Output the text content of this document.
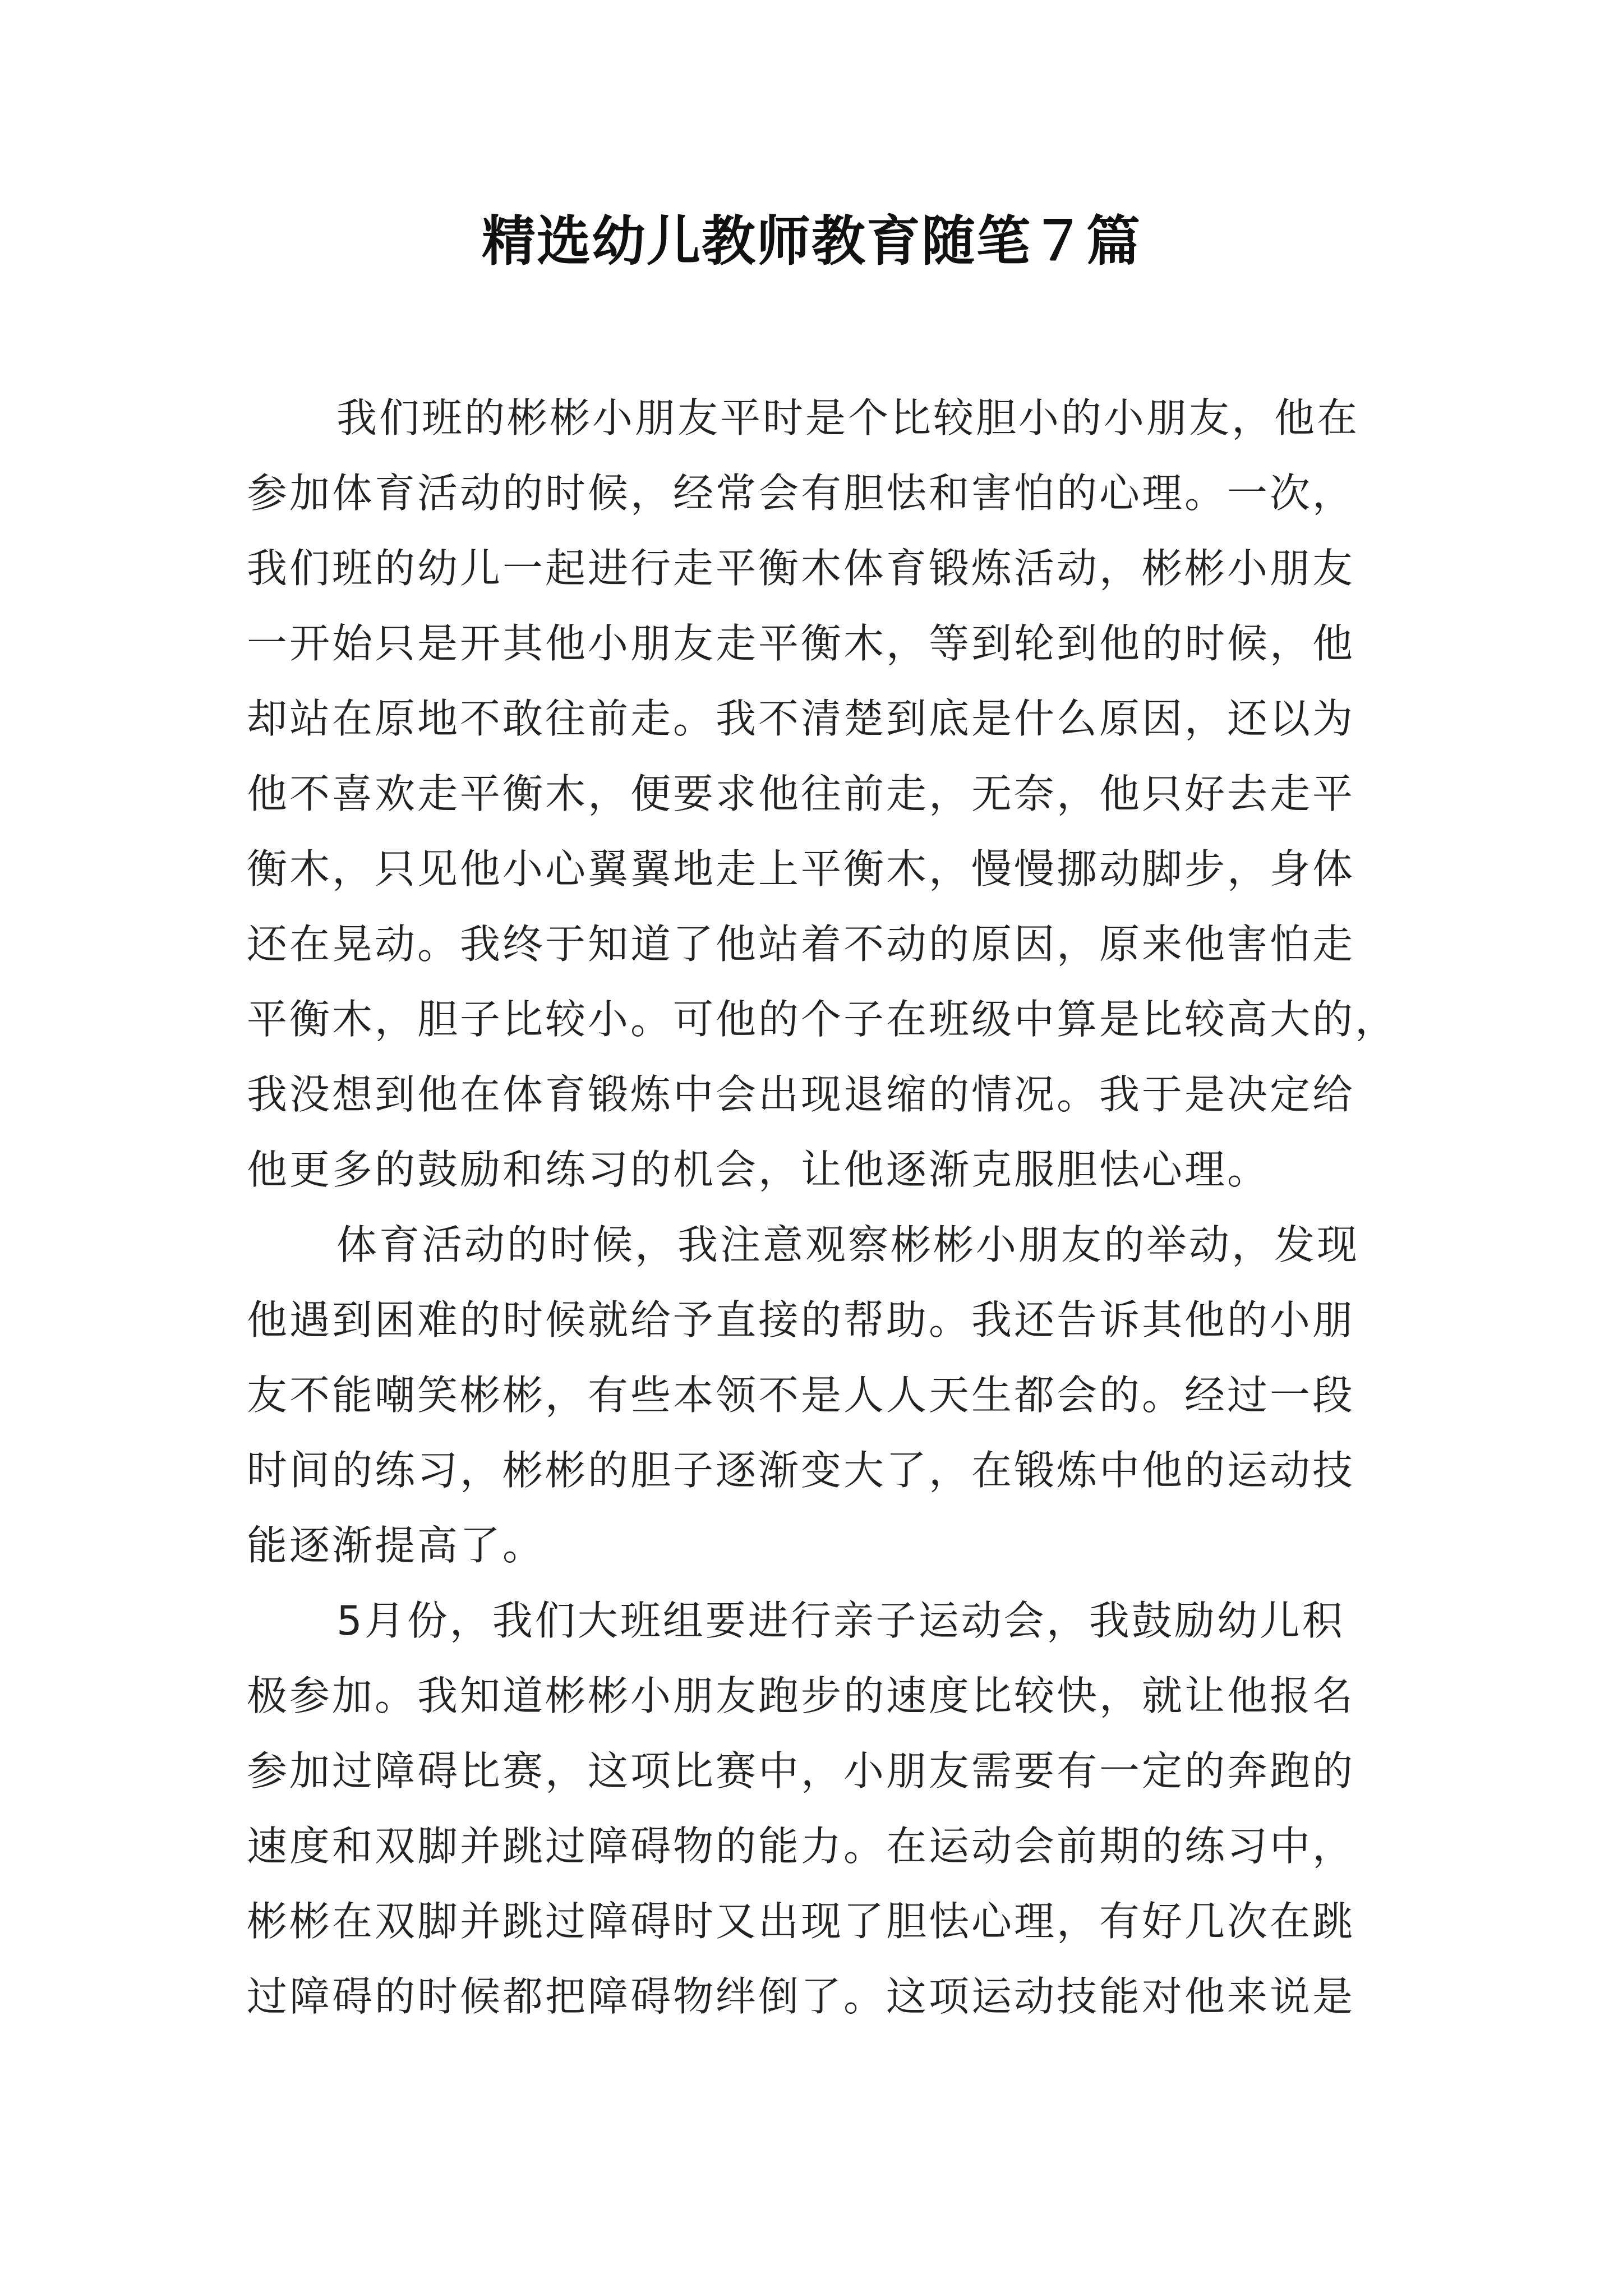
精选幼儿教师教育随笔７篇
我们班的彬彬小朋友平时是个比较胆小的小朋友，他在
参加体育活动的时候，经常会有胆怯和害怕的心理。一次，
我们班的幼儿一起进行走平衡木体育锻炼活动，彬彬小朋友
一开始只是开其他小朋友走平衡木，等到轮到他的时候，他
却站在原地不敢往前走。我不清楚到底是什么原因，还以为
他不喜欢走平衡木，便要求他往前走，无奈，他只好去走平
衡木，只见他小心翼翼地走上平衡木，慢慢挪动脚步，身体
还在晃动。我终于知道了他站着不动的原因，原来他害怕走
平衡木，胆子比较小。可他的个子在班级中算是比较高大的，
我没想到他在体育锻炼中会出现退缩的情况。我于是决定给
他更多的鼓励和练习的机会，让他逐渐克服胆怯心理。
体育活动的时候，我注意观察彬彬小朋友的举动，发现
他遇到困难的时候就给予直接的帮助。我还告诉其他的小朋
友不能嘲笑彬彬，有些本领不是人人天生都会的。经过一段
时间的练习，彬彬的胆子逐渐变大了，在锻炼中他的运动技
能逐渐提高了。
5月份，我们大班组要进行亲子运动会，我鼓励幼儿积
极参加。我知道彬彬小朋友跑步的速度比较快，就让他报名
参加过障碍比赛，这项比赛中，小朋友需要有一定的奔跑的
速度和双脚并跳过障碍物的能力。在运动会前期的练习中，
彬彬在双脚并跳过障碍时又出现了胆怯心理，有好几次在跳
过障碍的时候都把障碍物绊倒了。这项运动技能对他来说是
